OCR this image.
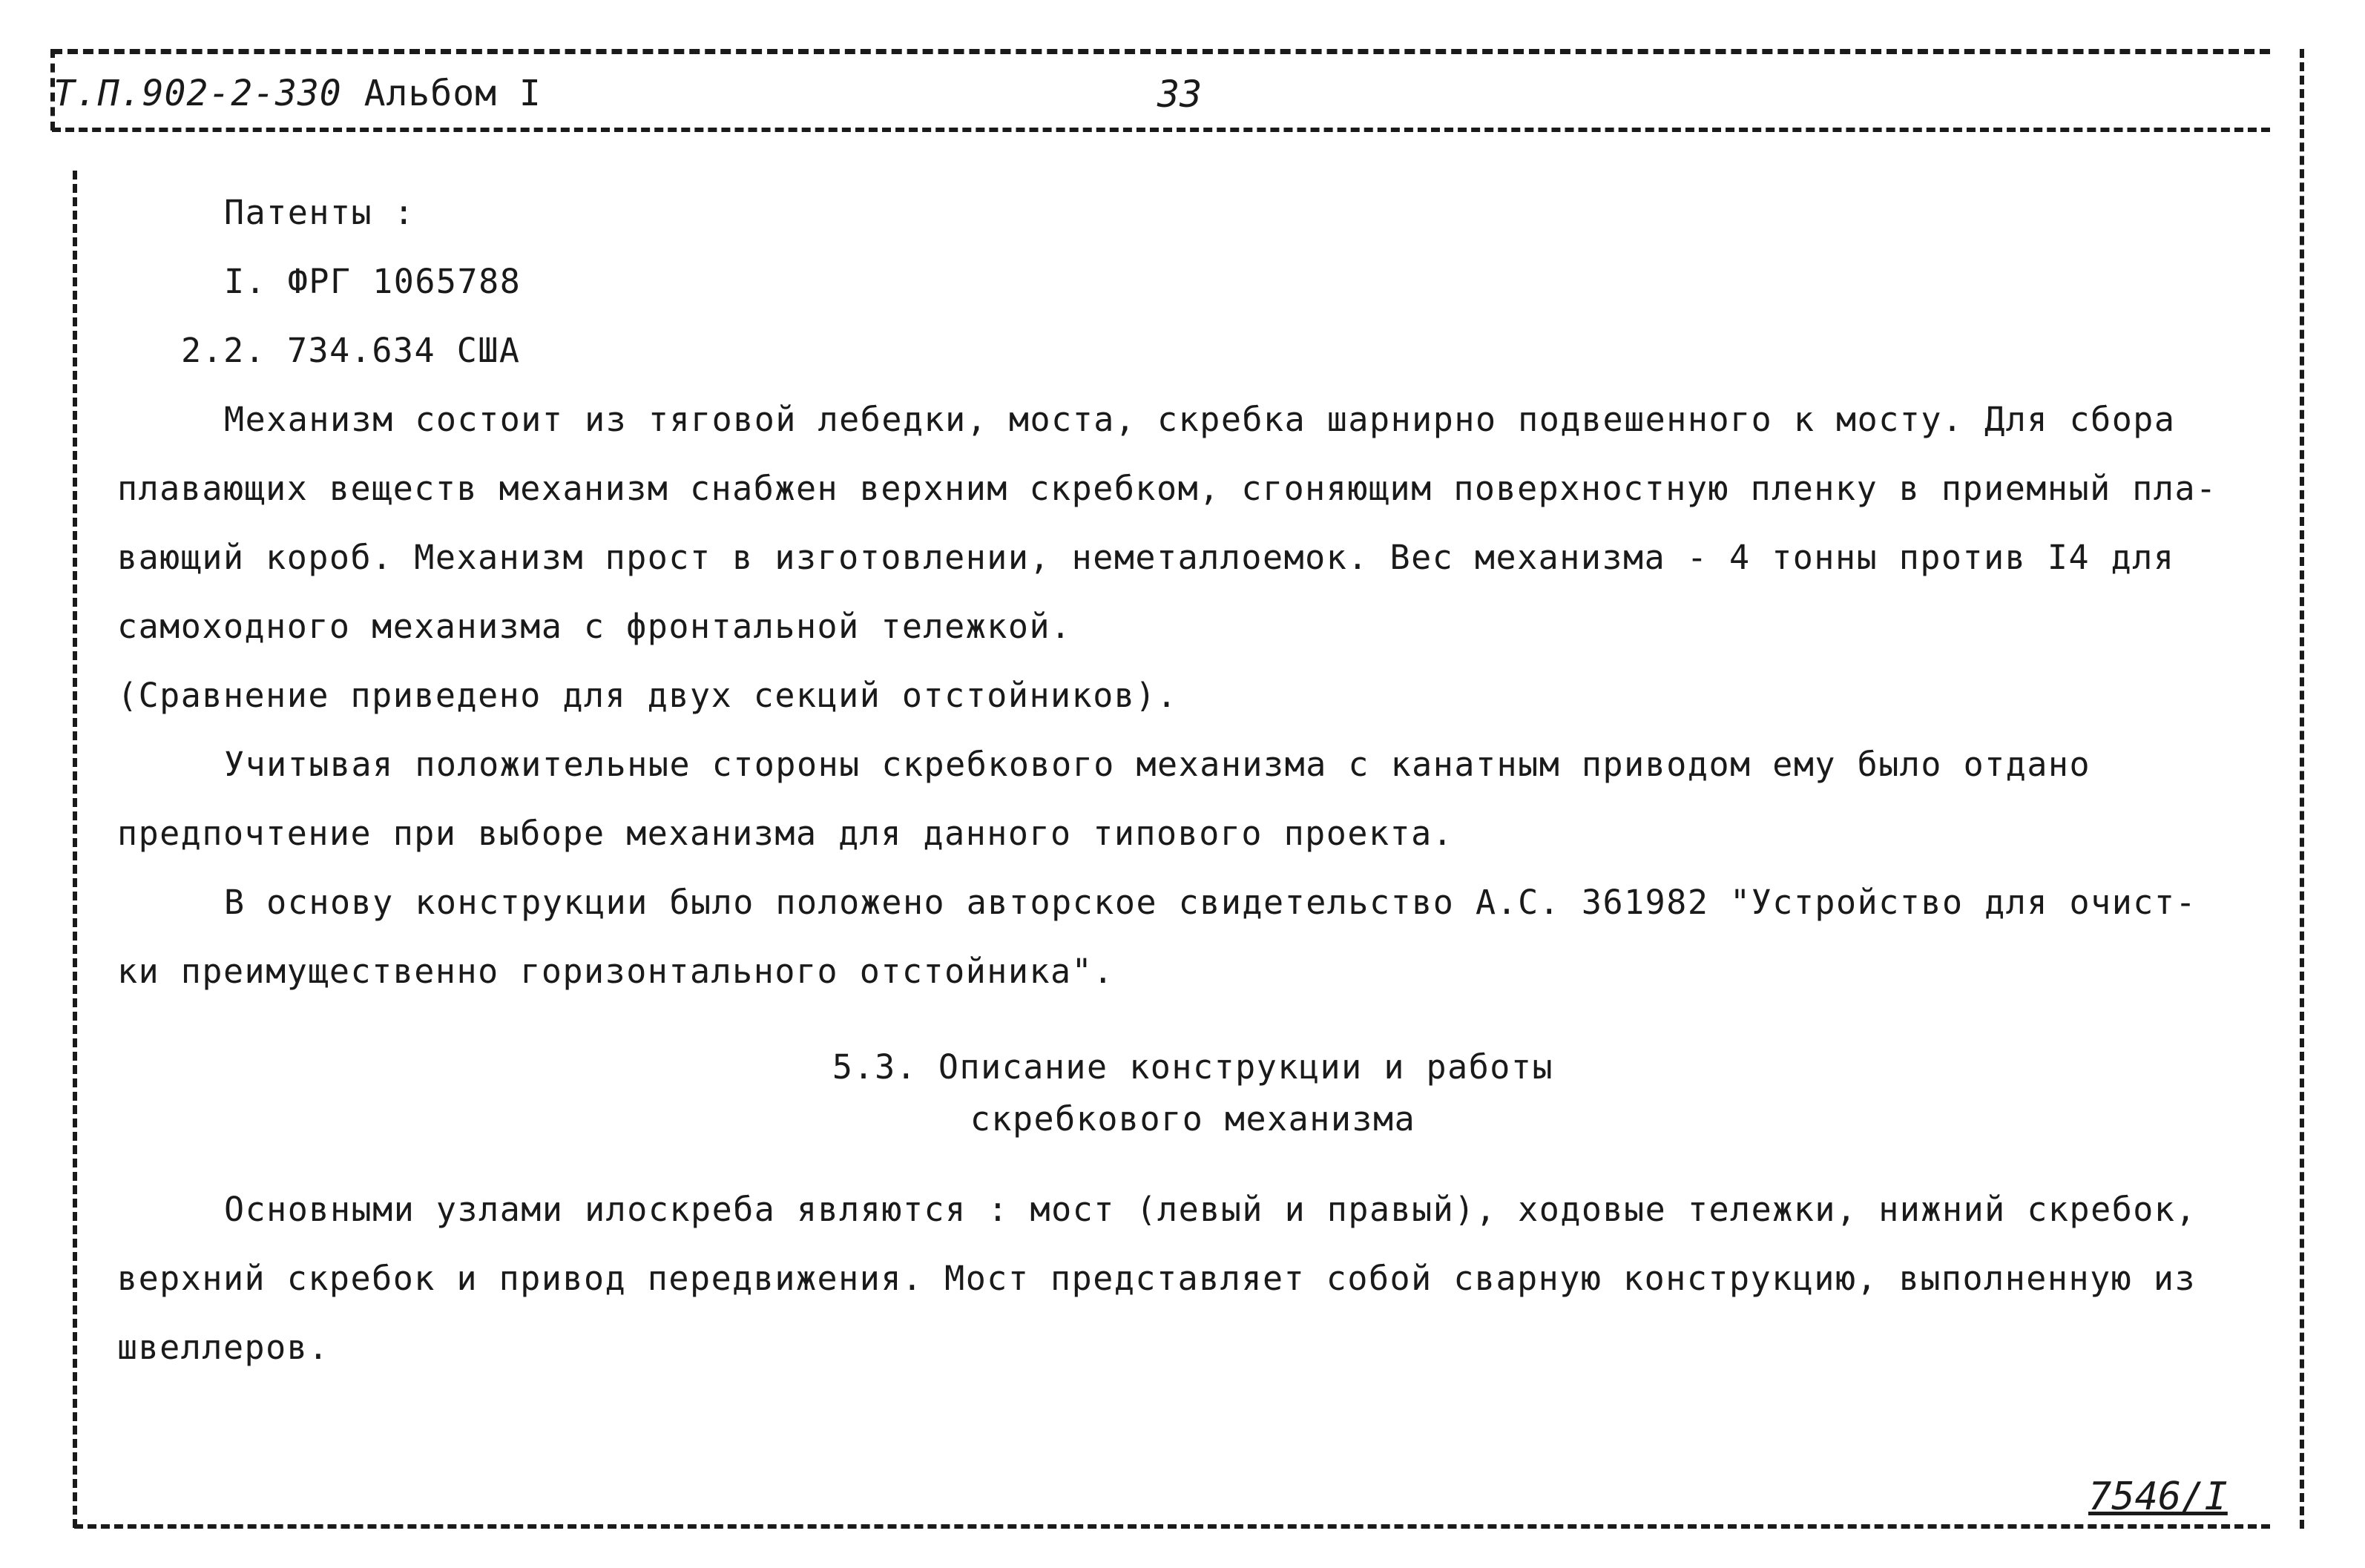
Т.П.902-2-330 Альбом I	33
Патенты :
I. ФРГ 1065788
2.2. 734.634 США
Механизм состоит из тяговой лебедки, моста, скребка шарнирно подвешенного к мосту. Для сбора
плавающих веществ механизм снабжен верхним скребком, сгоняющим поверхностную пленку в приемный пла-
вающий короб. Механизм прост в изготовлении, неметаллоемок. Вес механизма - 4 тонны против I4 для
самоходного механизма с фронтальной тележкой.
(Сравнение приведено для двух секций отстойников).
Учитывая положительные стороны скребкового механизма с канатным приводом ему было отдано
предпочтение при выборе механизма для данного типового проекта.
В основу конструкции было положено авторское свидетельство А.С. 361982 "Устройство для очист-
ки преимущественно горизонтального отстойника".
5.3. Описание конструкции и работы
скребкового механизма
Основными узлами илоскреба являются : мост (левый и правый), ходовые тележки, нижний скребок,
верхний скребок и привод передвижения. Мост представляет собой сварную конструкцию, выполненную из
швеллеров.
7546/I
